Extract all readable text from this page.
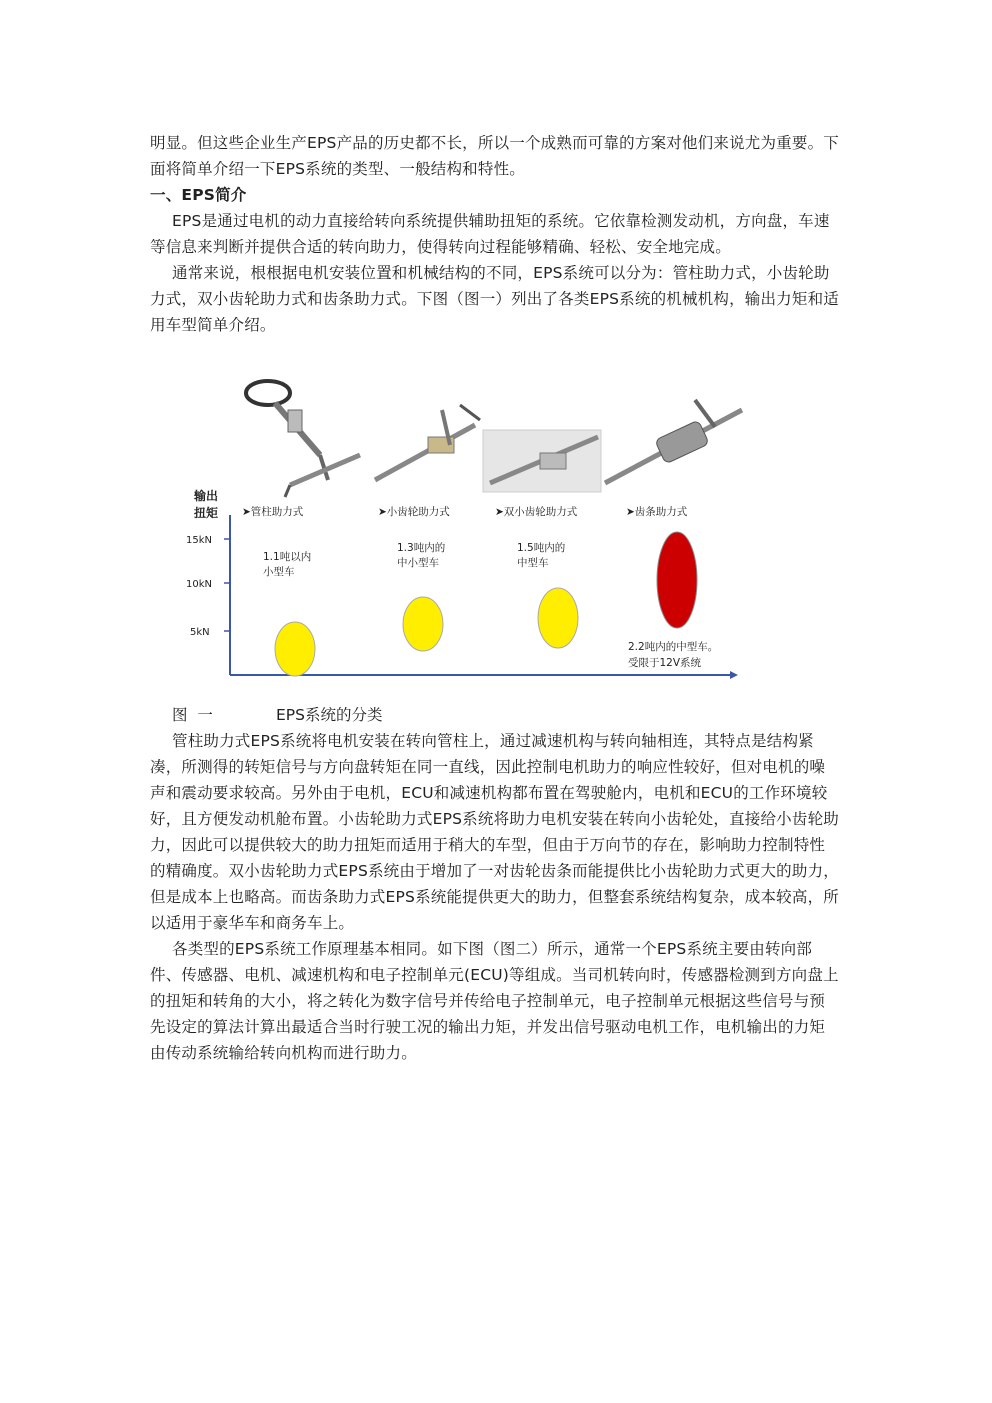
明显。但这些企业生产EPS产品的历史都不长，所以一个成熟而可靠的方案对他们来说尤为重要。下面将简单介绍一下EPS系统的类型、一般结构和特性。

一、EPS简介

EPS是通过电机的动力直接给转向系统提供辅助扭矩的系统。它依靠检测发动机，方向盘，车速等信息来判断并提供合适的转向助力，使得转向过程能够精确、轻松、安全地完成。

通常来说，根根据电机安装位置和机械结构的不同，EPS系统可以分为：管柱助力式，小齿轮助力式，双小齿轮助力式和齿条助力式。下图（图一）列出了各类EPS系统的机械机构，输出力矩和适用车型简单介绍。

输出
扭矩
15kN
10kN
5kN
➤管柱助力式	➤小齿轮助力式	➤双小齿轮助力式	➤齿条助力式
1.1吨以内
小型车
1.3吨内的
中小型车
1.5吨内的
中型车
2.2吨内的中型车。
受限于12V系统
图  一	EPS系统的分类

管柱助力式EPS系统将电机安装在转向管柱上，通过减速机构与转向轴相连，其特点是结构紧凑，所测得的转矩信号与方向盘转矩在同一直线，因此控制电机助力的响应性较好，但对电机的噪声和震动要求较高。另外由于电机，ECU和减速机构都布置在驾驶舱内，电机和ECU的工作环境较好，且方便发动机舱布置。小齿轮助力式EPS系统将助力电机安装在转向小齿轮处，直接给小齿轮助力，因此可以提供较大的助力扭矩而适用于稍大的车型，但由于万向节的存在，影响助力控制特性的精确度。双小齿轮助力式EPS系统由于增加了一对齿轮齿条而能提供比小齿轮助力式更大的助力，但是成本上也略高。而齿条助力式EPS系统能提供更大的助力，但整套系统结构复杂，成本较高，所以适用于豪华车和商务车上。

各类型的EPS系统工作原理基本相同。如下图（图二）所示，通常一个EPS系统主要由转向部件、传感器、电机、减速机构和电子控制单元(ECU)等组成。当司机转向时，传感器检测到方向盘上的扭矩和转角的大小，将之转化为数字信号并传给电子控制单元，电子控制单元根据这些信号与预先设定的算法计算出最适合当时行驶工况的输出力矩，并发出信号驱动电机工作，电机输出的力矩由传动系统输给转向机构而进行助力。
